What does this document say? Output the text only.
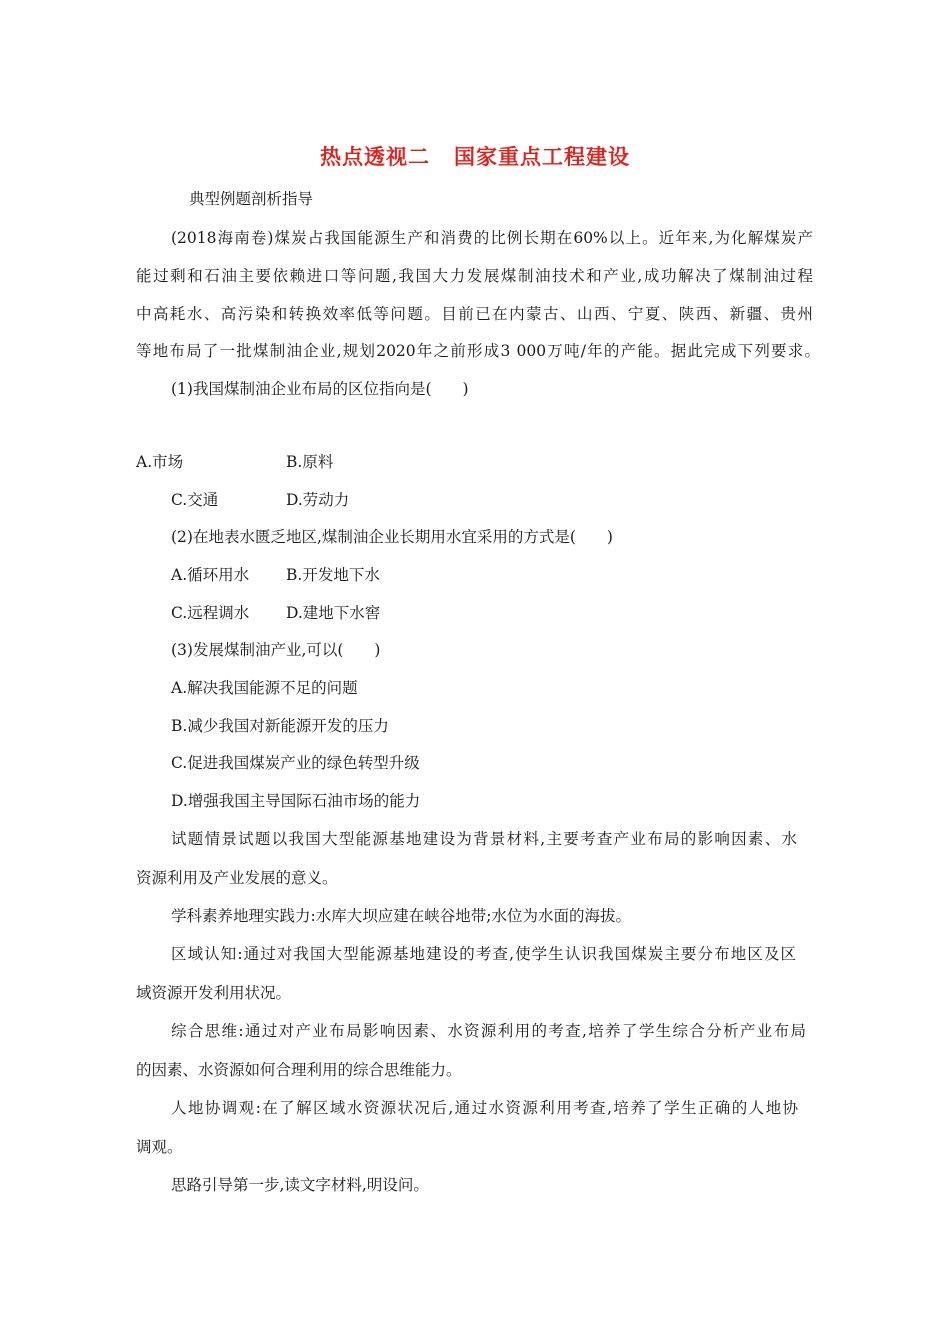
热点透视二 国家重点工程建设
典型例题剖析指导
(2018海南卷)煤炭占我国能源生产和消费的比例长期在60%以上。近年来,为化解煤炭产
能过剩和石油主要依赖进口等问题,我国大力发展煤制油技术和产业,成功解决了煤制油过程
中高耗水、高污染和转换效率低等问题。目前已在内蒙古、山西、宁夏、陕西、新疆、贵州
等地布局了一批煤制油企业,规划2020年之前形成3 000万吨/年的产能。据此完成下列要求。
(1)我国煤制油企业布局的区位指向是(　　)
A.市场	B.原料
C.交通	D.劳动力
(2)在地表水匮乏地区,煤制油企业长期用水宜采用的方式是(　　)
A.循环用水 B.开发地下水
C.远程调水 D.建地下水窖
(3)发展煤制油产业,可以(　　)
A.解决我国能源不足的问题
B.减少我国对新能源开发的压力
C.促进我国煤炭产业的绿色转型升级
D.增强我国主导国际石油市场的能力
试题情景试题以我国大型能源基地建设为背景材料,主要考查产业布局的影响因素、水
资源利用及产业发展的意义。
学科素养地理实践力:水库大坝应建在峡谷地带;水位为水面的海拔。
区域认知:通过对我国大型能源基地建设的考查,使学生认识我国煤炭主要分布地区及区
域资源开发利用状况。
综合思维:通过对产业布局影响因素、水资源利用的考查,培养了学生综合分析产业布局
的因素、水资源如何合理利用的综合思维能力。
人地协调观:在了解区域水资源状况后,通过水资源利用考查,培养了学生正确的人地协
调观。
思路引导第一步,读文字材料,明设问。
